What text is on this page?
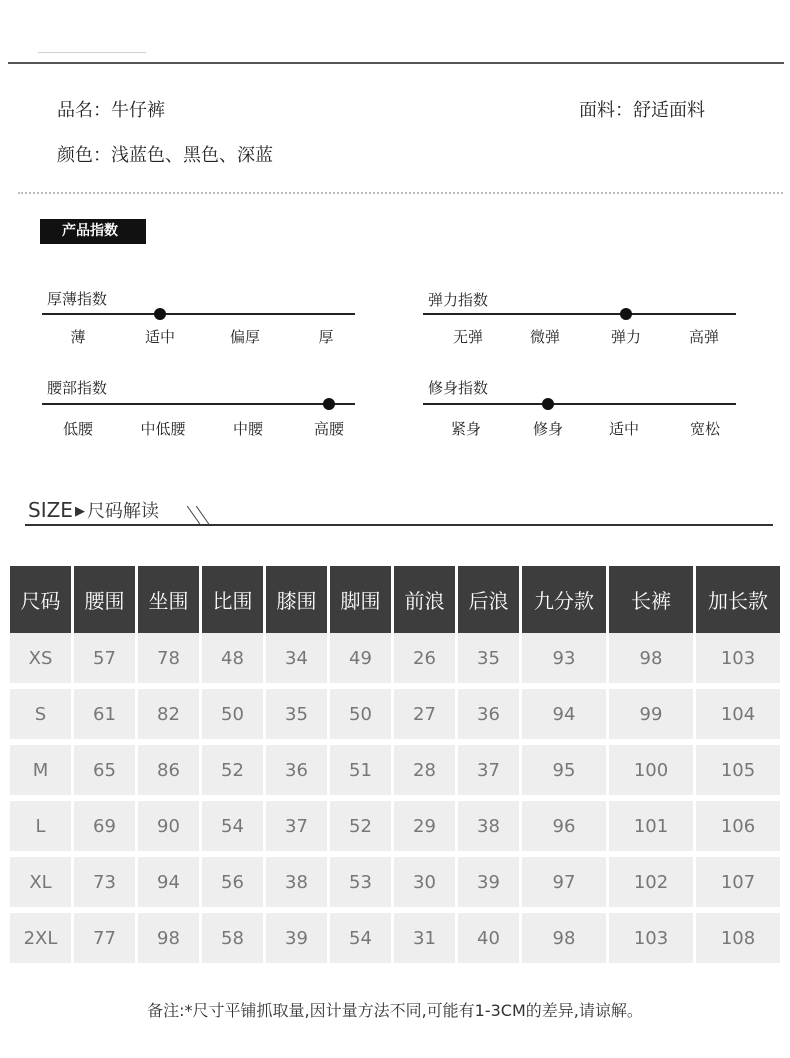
品名：牛仔裤	面料：舒适面料
颜色：浅蓝色、黑色、深蓝
产品指数
厚薄指数
薄	适中	偏厚	厚
弹力指数
无弹	微弹	弹力	高弹
腰部指数
低腰	中低腰	中腰	高腰
修身指数
紧身	修身	适中	宽松
SIZE ▶ 尺码解读
尺码	腰围	坐围	比围	膝围	脚围	前浪	后浪	九分款	长裤	加长款
XS	57	78	48	34	49	26	35	93	98	103
S	61	82	50	35	50	27	36	94	99	104
M	65	86	52	36	51	28	37	95	100	105
L	69	90	54	37	52	29	38	96	101	106
XL	73	94	56	38	53	30	39	97	102	107
2XL	77	98	58	39	54	31	40	98	103	108
备注:*尺寸平铺抓取量,因计量方法不同,可能有1-3CM的差异,请谅解。
